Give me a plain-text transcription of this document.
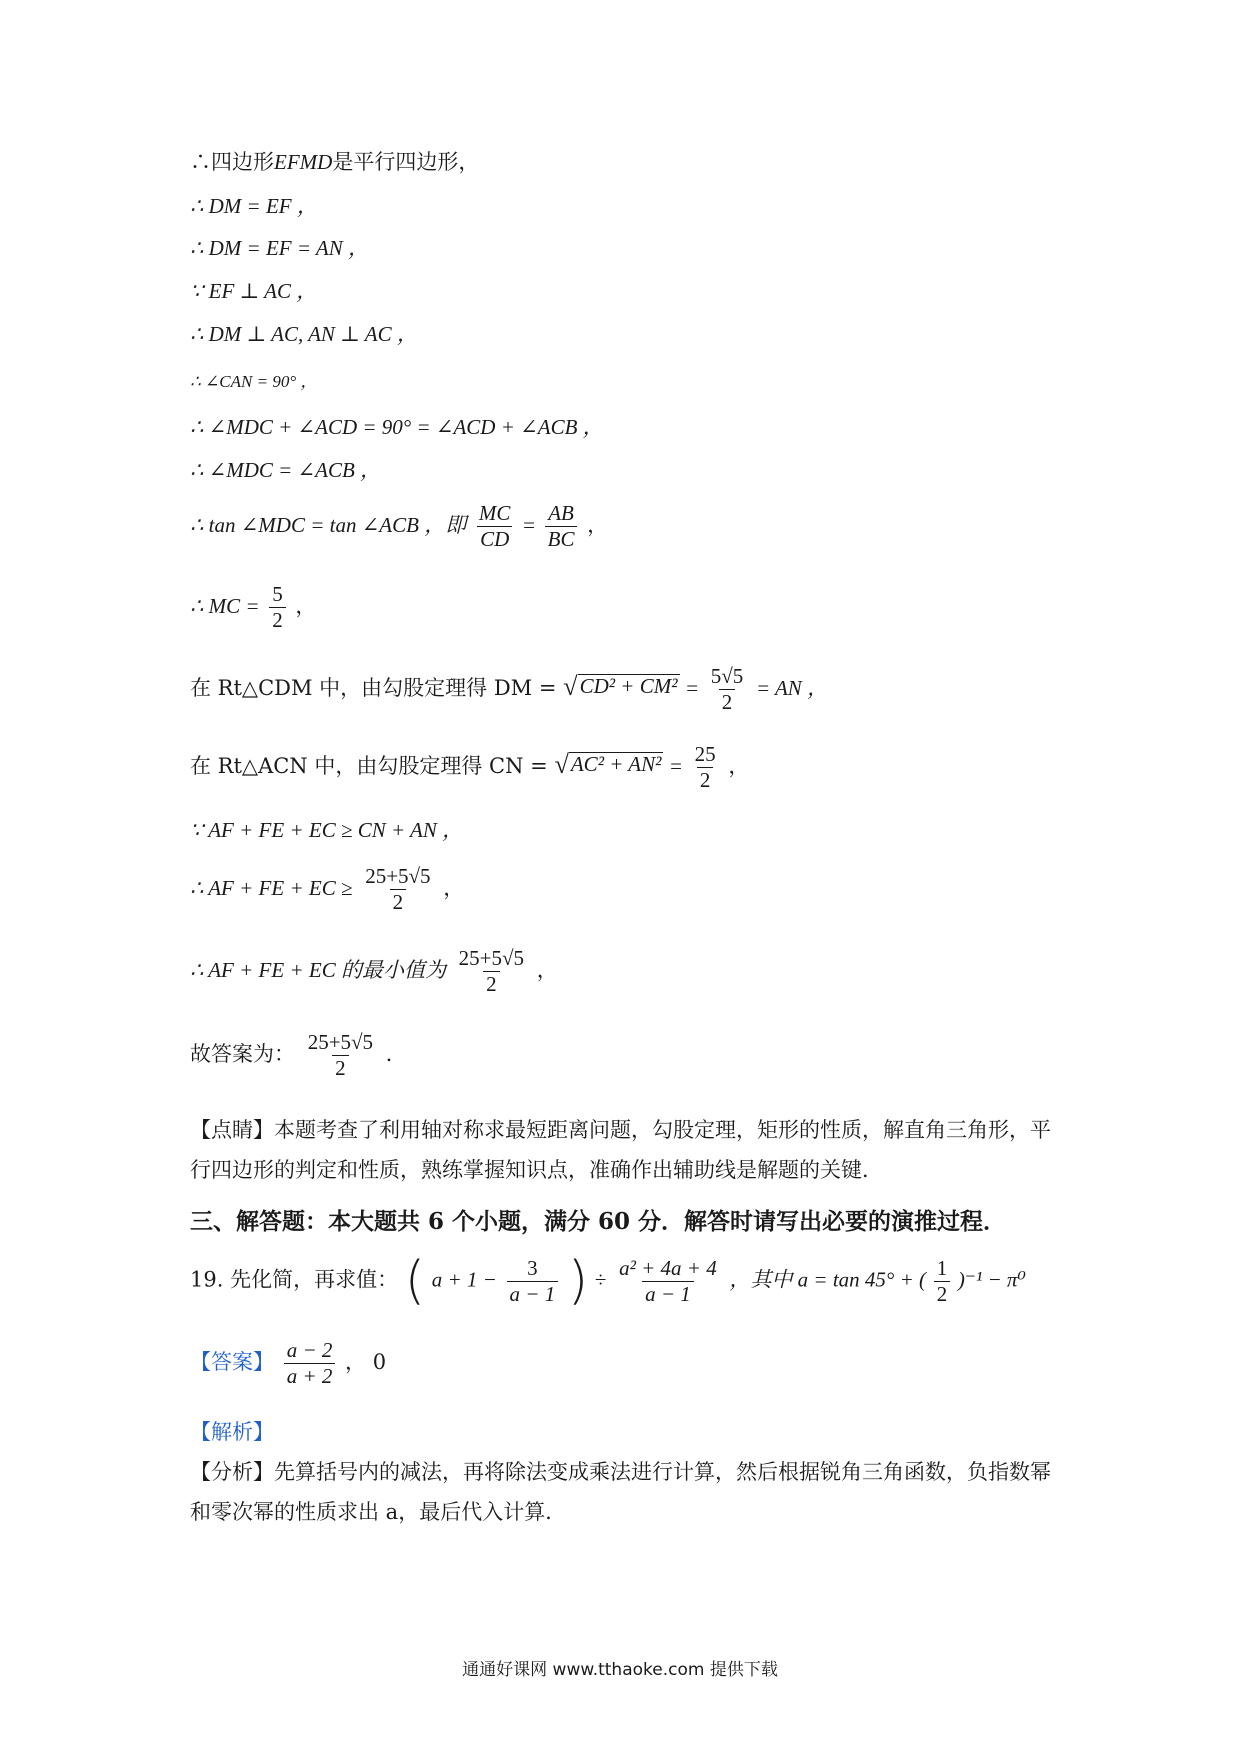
∴四边形EFMD是平行四边形，
∴ DM = EF ，
∴ DM = EF = AN ，
∵ EF ⊥ AC ，
∴ DM ⊥ AC, AN ⊥ AC ，
∴ ∠CAN = 90° ，
∴ ∠MDC + ∠ACD = 90° = ∠ACD + ∠ACB ，
∴ ∠MDC = ∠ACB ，
∴ tan ∠MDC = tan ∠ACB ，即 $\frac{MC}{CD} = \frac{AB}{BC}$ ，
∴ MC = $\frac{5}{2}$ ，
在 Rt△CDM 中，由勾股定理得 DM = √ $CD^2 + CM^2 = \frac{5√5}{2}$ = AN ，
在 Rt△ACN 中，由勾股定理得 CN = √ $AC^2 + AN^2 = \frac{25}{2}$ ，
∵ AF + FE + EC ≥ CN + AN ，
∴ AF + FE + EC ≥ $\frac{25+5√5}{2}$ ，
∴ AF + FE + EC 的最小值为 $\frac{25+5√5}{2}$ ，
故答案为： $\frac{25+5√5}{2}$ ．
【点睛】本题考查了利用轴对称求最短距离问题，勾股定理，矩形的性质，解直角三角形，平行四边形的判定和性质，熟练掌握知识点，准确作出辅助线是解题的关键．
三、解答题：本大题共 6 个小题，满分 60 分．解答时请写出必要的演推过程．
19. 先化简，再求值： ( $a + 1 - \frac{3}{a - 1}$ ) ÷ $\frac{\text{a² + 4a + 4}}{a - 1}$ ，其中 a = tan 45° + ( $\frac{1}{2} )^{-1} - \pi^0$
【答案】 $\frac{a - 2}{a + 2}$ ， 0
【解析】
【分析】先算括号内的减法，再将除法变成乘法进行计算，然后根据锐角三角函数，负指数幂和零次幂的性质求出 a，最后代入计算．
通通好课网 www.tthaoke.com 提供下载
